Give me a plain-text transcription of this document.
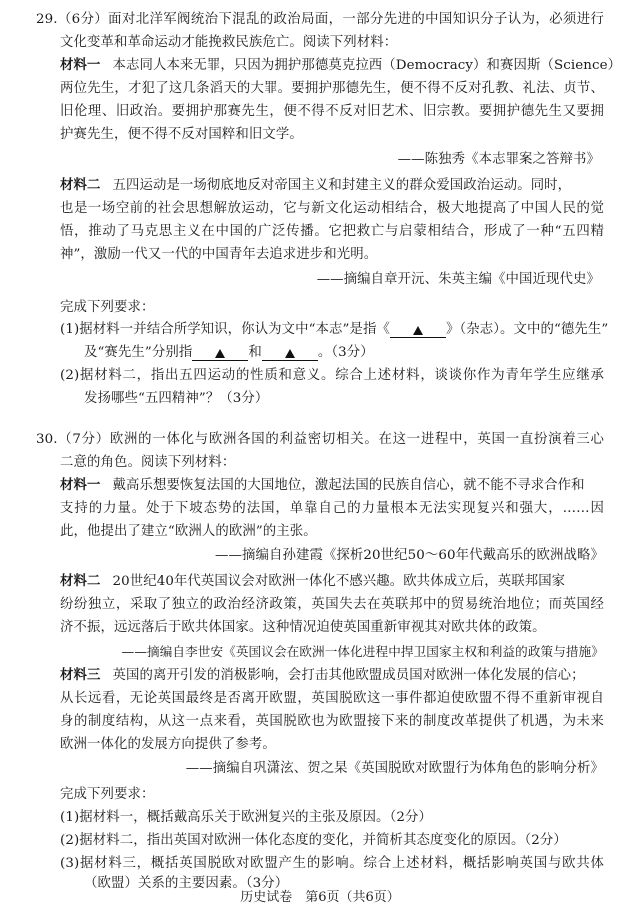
29.（6分）面对北洋军阀统治下混乱的政治局面，一部分先进的中国知识分子认为，必须进行
文化变革和革命运动才能挽救民族危亡。阅读下列材料：
材料一 本志同人本来无罪，只因为拥护那德莫克拉西（Democracy）和赛因斯（Science）
两位先生，才犯了这几条滔天的大罪。要拥护那德先生，便不得不反对孔教、礼法、贞节、
旧伦理、旧政治。要拥护那赛先生，便不得不反对旧艺术、旧宗教。要拥护德先生又要拥
护赛先生，便不得不反对国粹和旧文学。
——陈独秀《本志罪案之答辩书》
材料二 五四运动是一场彻底地反对帝国主义和封建主义的群众爱国政治运动。同时，
也是一场空前的社会思想解放运动，它与新文化运动相结合，极大地提高了中国人民的觉
悟，推动了马克思主义在中国的广泛传播。它把救亡与启蒙相结合，形成了一种“五四精
神”，激励一代又一代的中国青年去追求进步和光明。
——摘编自章开沅、朱英主编《中国近现代史》
完成下列要求：
(1)据材料一并结合所学知识，你认为文中“本志”是指《	》（杂志）。文中的“德先生”
及“赛先生”分别指	和	。（3分）
(2)据材料二，指出五四运动的性质和意义。综合上述材料，谈谈你作为青年学生应继承
发扬哪些“五四精神”？（3分）
30.（7分）欧洲的一体化与欧洲各国的利益密切相关。在这一进程中，英国一直扮演着三心
二意的角色。阅读下列材料：
材料一 戴高乐想要恢复法国的大国地位，激起法国的民族自信心，就不能不寻求合作和
支持的力量。处于下坡态势的法国，单靠自己的力量根本无法实现复兴和强大，……因
此，他提出了建立“欧洲人的欧洲”的主张。
——摘编自孙建霞《探析20世纪50～60年代戴高乐的欧洲战略》
材料二 20世纪40年代英国议会对欧洲一体化不感兴趣。欧共体成立后，英联邦国家
纷纷独立，采取了独立的政治经济政策，英国失去在英联邦中的贸易统治地位；而英国经
济不振，远远落后于欧共体国家。这种情况迫使英国重新审视其对欧共体的政策。
——摘编自李世安《英国议会在欧洲一体化进程中捍卫国家主权和利益的政策与措施》
材料三 英国的离开引发的消极影响，会打击其他欧盟成员国对欧洲一体化发展的信心；
从长远看，无论英国最终是否离开欧盟，英国脱欧这一事件都迫使欧盟不得不重新审视自
身的制度结构，从这一点来看，英国脱欧也为欧盟接下来的制度改革提供了机遇，为未来
欧洲一体化的发展方向提供了参考。
——摘编自巩潇泫、贺之杲《英国脱欧对欧盟行为体角色的影响分析》
完成下列要求：
(1)据材料一，概括戴高乐关于欧洲复兴的主张及原因。（2分）
(2)据材料二，指出英国对欧洲一体化态度的变化，并简析其态度变化的原因。（2分）
(3)据材料三，概括英国脱欧对欧盟产生的影响。综合上述材料，概括影响英国与欧共体
（欧盟）关系的主要因素。（3分）
历史试卷　第6页（共6页）
